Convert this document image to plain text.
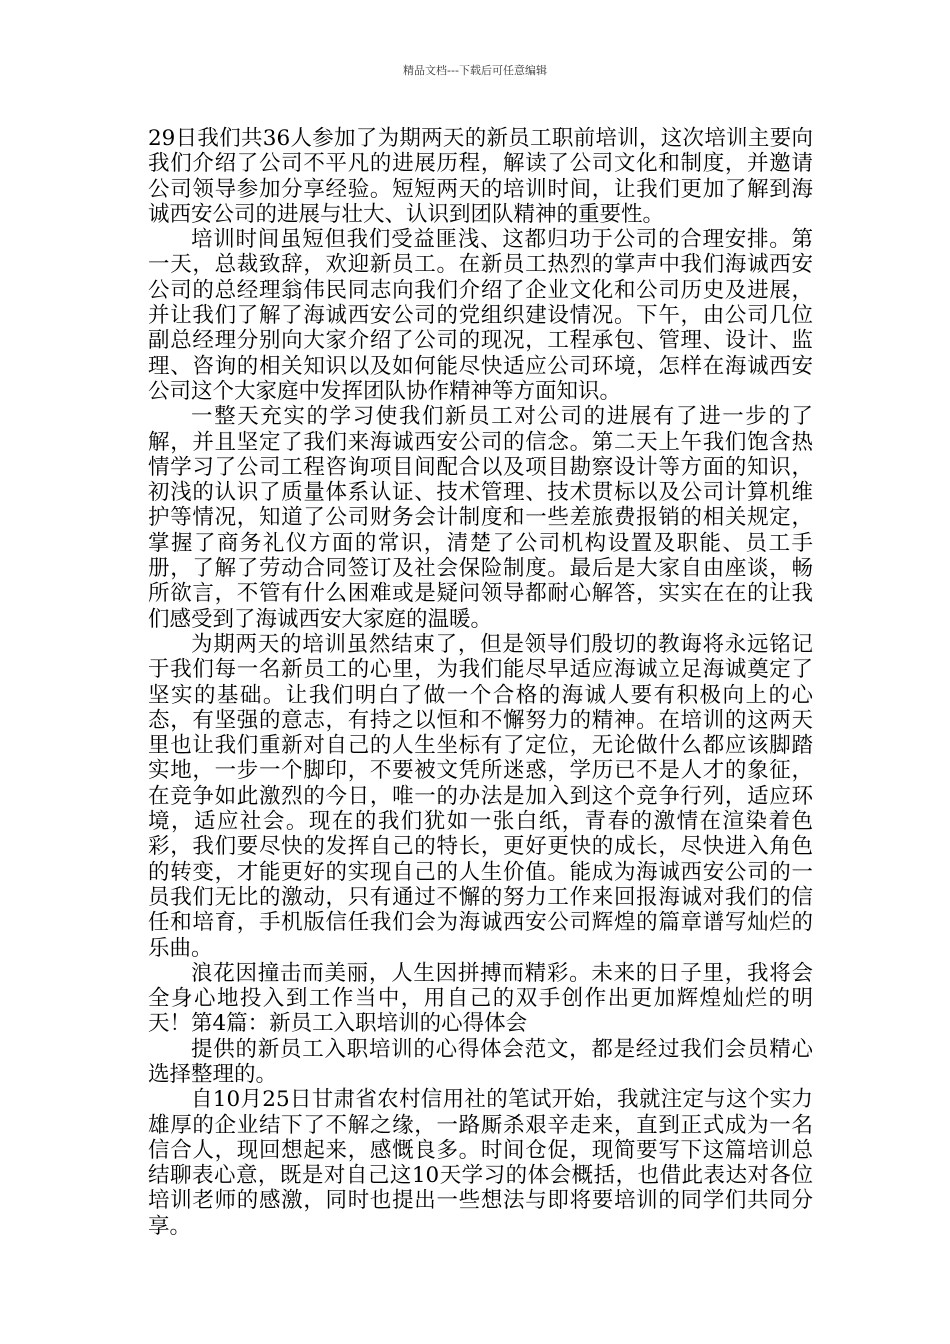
精品文档---下载后可任意编辑

29日我们共36人参加了为期两天的新员工职前培训，这次培训主要向我们介绍了公司不平凡的进展历程，解读了公司文化和制度，并邀请公司领导参加分享经验。短短两天的培训时间，让我们更加了解到海诚西安公司的进展与壮大、认识到团队精神的重要性。

培训时间虽短但我们受益匪浅、这都归功于公司的合理安排。第一天，总裁致辞，欢迎新员工。在新员工热烈的掌声中我们海诚西安公司的总经理翁伟民同志向我们介绍了企业文化和公司历史及进展，并让我们了解了海诚西安公司的党组织建设情况。下午，由公司几位副总经理分别向大家介绍了公司的现况，工程承包、管理、设计、监理、咨询的相关知识以及如何能尽快适应公司环境，怎样在海诚西安公司这个大家庭中发挥团队协作精神等方面知识。

一整天充实的学习使我们新员工对公司的进展有了进一步的了解，并且坚定了我们来海诚西安公司的信念。第二天上午我们饱含热情学习了公司工程咨询项目间配合以及项目勘察设计等方面的知识，初浅的认识了质量体系认证、技术管理、技术贯标以及公司计算机维护等情况，知道了公司财务会计制度和一些差旅费报销的相关规定，掌握了商务礼仪方面的常识，清楚了公司机构设置及职能、员工手册，了解了劳动合同签订及社会保险制度。最后是大家自由座谈，畅所欲言，不管有什么困难或是疑问领导都耐心解答，实实在在的让我们感受到了海诚西安大家庭的温暖。

为期两天的培训虽然结束了，但是领导们殷切的教诲将永远铭记于我们每一名新员工的心里，为我们能尽早适应海诚立足海诚奠定了坚实的基础。让我们明白了做一个合格的海诚人要有积极向上的心态，有坚强的意志，有持之以恒和不懈努力的精神。在培训的这两天里也让我们重新对自己的人生坐标有了定位，无论做什么都应该脚踏实地，一步一个脚印，不要被文凭所迷惑，学历已不是人才的象征，在竞争如此激烈的今日，唯一的办法是加入到这个竞争行列，适应环境，适应社会。现在的我们犹如一张白纸，青春的激情在渲染着色彩，我们要尽快的发挥自己的特长，更好更快的成长，尽快进入角色的转变，才能更好的实现自己的人生价值。能成为海诚西安公司的一员我们无比的激动，只有通过不懈的努力工作来回报海诚对我们的信任和培育，手机版信任我们会为海诚西安公司辉煌的篇章谱写灿烂的乐曲。

浪花因撞击而美丽，人生因拼搏而精彩。未来的日子里，我将会全身心地投入到工作当中，用自己的双手创作出更加辉煌灿烂的明天！第4篇：新员工入职培训的心得体会

提供的新员工入职培训的心得体会范文，都是经过我们会员精心选择整理的。

自10月25日甘肃省农村信用社的笔试开始，我就注定与这个实力雄厚的企业结下了不解之缘，一路厮杀艰辛走来，直到正式成为一名信合人，现回想起来，感慨良多。时间仓促，现简要写下这篇培训总结聊表心意，既是对自己这10天学习的体会概括，也借此表达对各位培训老师的感激，同时也提出一些想法与即将要培训的同学们共同分享。
